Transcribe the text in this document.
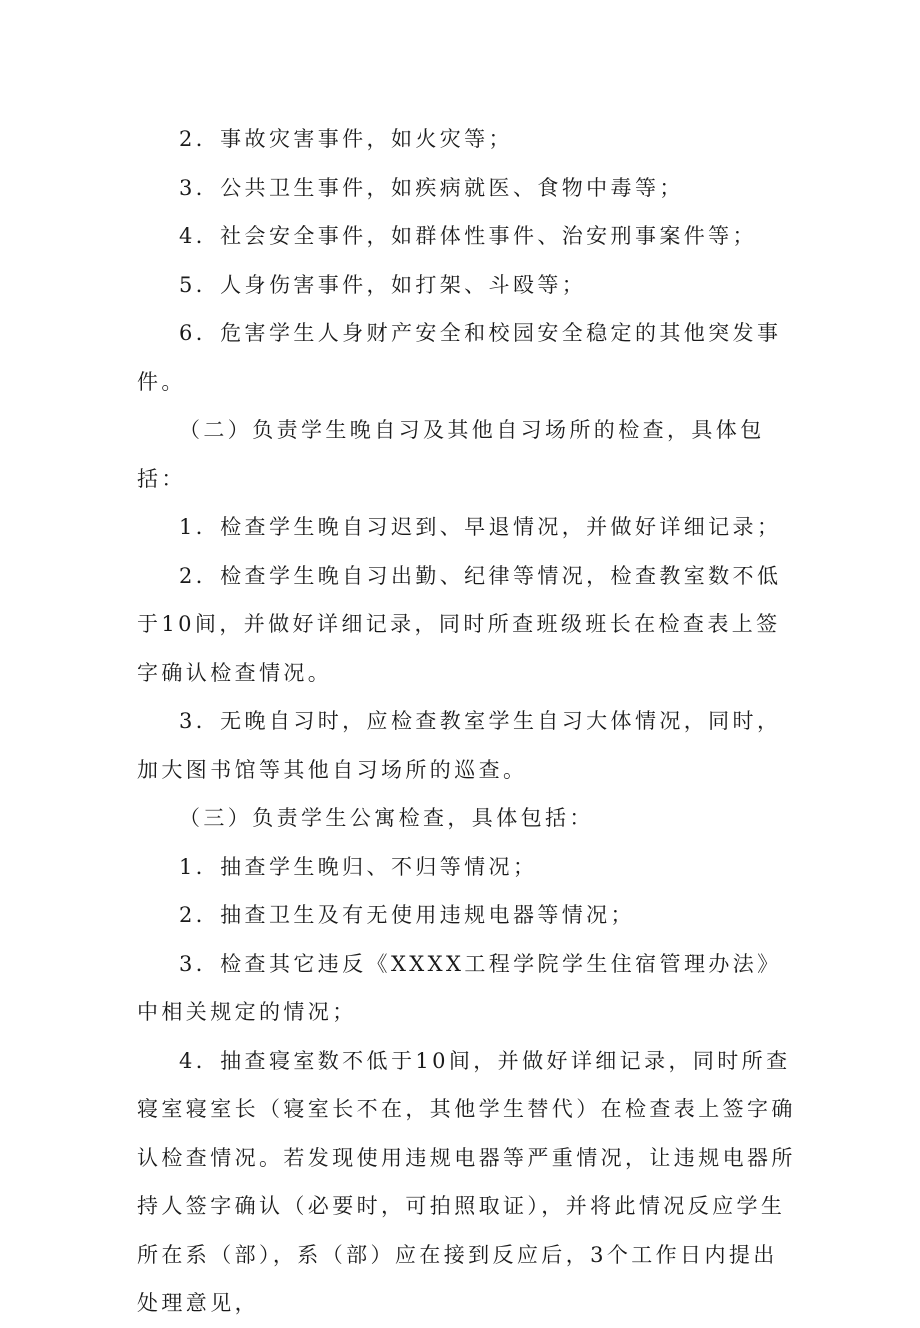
2．事故灾害事件，如火灾等；

3．公共卫生事件，如疾病就医、食物中毒等；

4．社会安全事件，如群体性事件、治安刑事案件等；

5．人身伤害事件，如打架、斗殴等；

6．危害学生人身财产安全和校园安全稳定的其他突发事件。

（二）负责学生晚自习及其他自习场所的检查，具体包括：

1．检查学生晚自习迟到、早退情况，并做好详细记录；

2．检查学生晚自习出勤、纪律等情况，检查教室数不低于10间，并做好详细记录，同时所查班级班长在检查表上签字确认检查情况。

3．无晚自习时，应检查教室学生自习大体情况，同时，加大图书馆等其他自习场所的巡查。

（三）负责学生公寓检查，具体包括：

1．抽查学生晚归、不归等情况；

2．抽查卫生及有无使用违规电器等情况；

3．检查其它违反《XXXX工程学院学生住宿管理办法》中相关规定的情况；

4．抽查寝室数不低于10间，并做好详细记录，同时所查寝室寝室长（寝室长不在，其他学生替代）在检查表上签字确认检查情况。若发现使用违规电器等严重情况，让违规电器所持人签字确认（必要时，可拍照取证），并将此情况反应学生所在系（部），系（部）应在接到反应后，3个工作日内提出处理意见，
